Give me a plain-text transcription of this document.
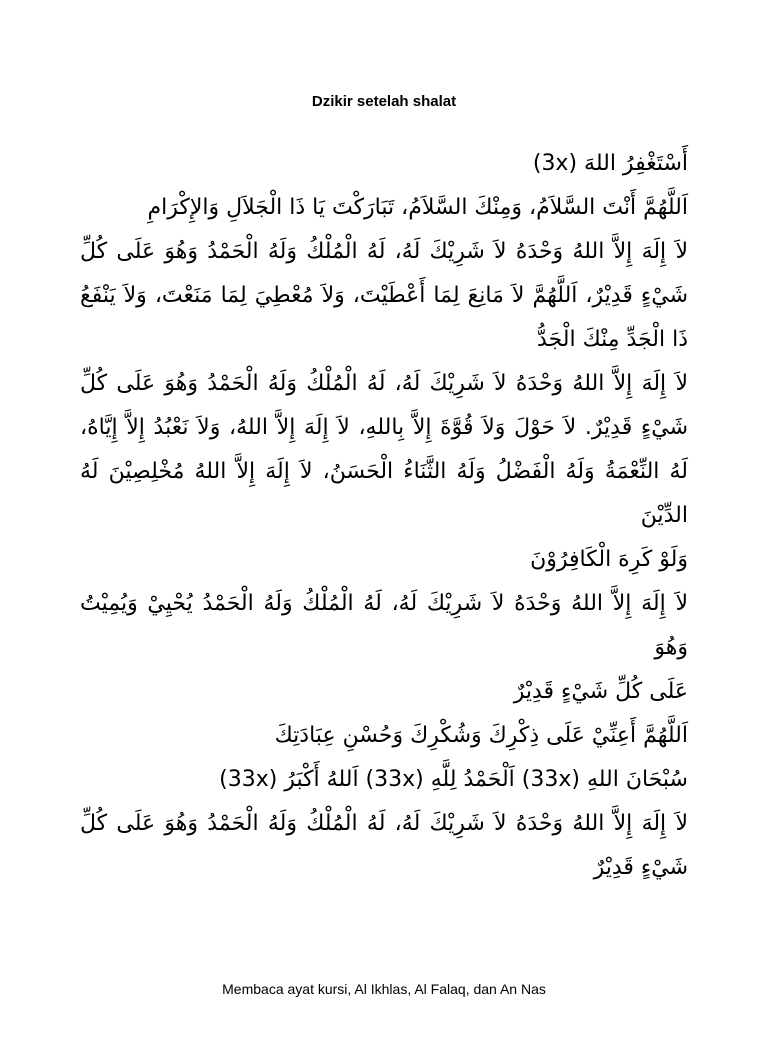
Dzikir setelah shalat
أَسْتَغْفِرُ اللهَ (3x)
اَللَّهُمَّ أَنْتَ السَّلاَمُ، وَمِنْكَ السَّلاَمُ، تَبَارَكْتَ يَا ذَا الْجَلاَلِ وَالإِكْرَامِ
لاَ إِلَهَ إِلاَّ اللهُ وَحْدَهُ لاَ شَرِيْكَ لَهُ، لَهُ الْمُلْكُ وَلَهُ الْحَمْدُ وَهُوَ عَلَى كُلِّ
شَيْءٍ قَدِيْرٌ، اَللَّهُمَّ لاَ مَانِعَ لِمَا أَعْطَيْتَ، وَلاَ مُعْطِيَ لِمَا مَنَعْتَ، وَلاَ يَنْفَعُ
ذَا الْجَدِّ مِنْكَ الْجَدُّ
لاَ إِلَهَ إِلاَّ اللهُ وَحْدَهُ لاَ شَرِيْكَ لَهُ، لَهُ الْمُلْكُ وَلَهُ الْحَمْدُ وَهُوَ عَلَى كُلِّ
شَيْءٍ قَدِيْرٌ. لاَ حَوْلَ وَلاَ قُوَّةَ إِلاَّ بِاللهِ، لاَ إِلَهَ إِلاَّ اللهُ، وَلاَ نَعْبُدُ إِلاَّ إِيَّاهُ،
لَهُ النِّعْمَةُ وَلَهُ الْفَضْلُ وَلَهُ الثَّنَاءُ الْحَسَنُ، لاَ إِلَهَ إِلاَّ اللهُ مُخْلِصِيْنَ لَهُ الدِّيْنَ
وَلَوْ كَرِهَ الْكَافِرُوْنَ
لاَ إِلَهَ إِلاَّ اللهُ وَحْدَهُ لاَ شَرِيْكَ لَهُ، لَهُ الْمُلْكُ وَلَهُ الْحَمْدُ يُحْيِيْ وَيُمِيْتُ وَهُوَ
عَلَى كُلِّ شَيْءٍ قَدِيْرٌ
اَللَّهُمَّ أَعِنِّيْ عَلَى ذِكْرِكَ وَشُكْرِكَ وَحُسْنِ عِبَادَتِكَ
سُبْحَانَ اللهِ (33x) اَلْحَمْدُ لِلَّهِ (33x) اَللهُ أَكْبَرُ (33x)
لاَ إِلَهَ إِلاَّ اللهُ وَحْدَهُ لاَ شَرِيْكَ لَهُ، لَهُ الْمُلْكُ وَلَهُ الْحَمْدُ وَهُوَ عَلَى كُلِّ
شَيْءٍ قَدِيْرٌ
Membaca ayat kursi, Al Ikhlas, Al Falaq, dan An Nas
